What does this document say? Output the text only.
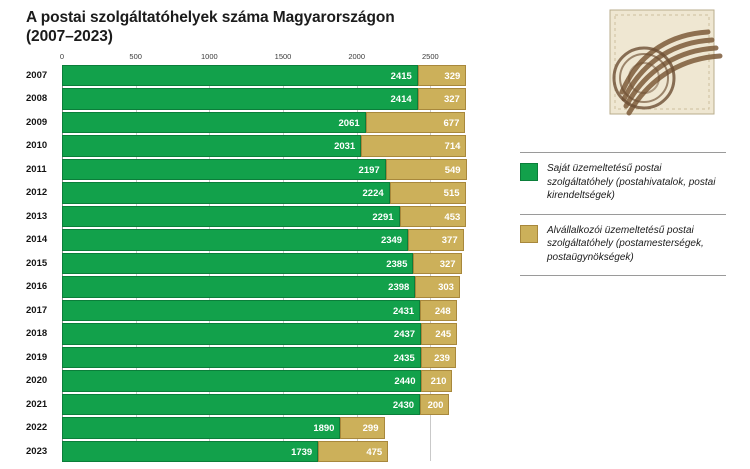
A postai szolgáltatóhelyek száma Magyarországon
(2007–2023)
0	500	1000	1500	2000	2500
2007	2415	329
2008	2414	327
2009	2061	677
2010	2031	714
2011	2197	549
2012	2224	515
2013	2291	453
2014	2349	377
2015	2385	327
2016	2398	303
2017	2431 248
2018	2437 245
2019	2435 239
2020	2440 210
2021	2430 200
2022	1890	299
2023	1739	475
Saját üzemeltetésű postai szolgáltatóhely (postahivatalok, postai kirendeltségek)
Alvállalkozói üzemeltetésű postai szolgáltatóhely (postamesterségek, postaügynökségek)
